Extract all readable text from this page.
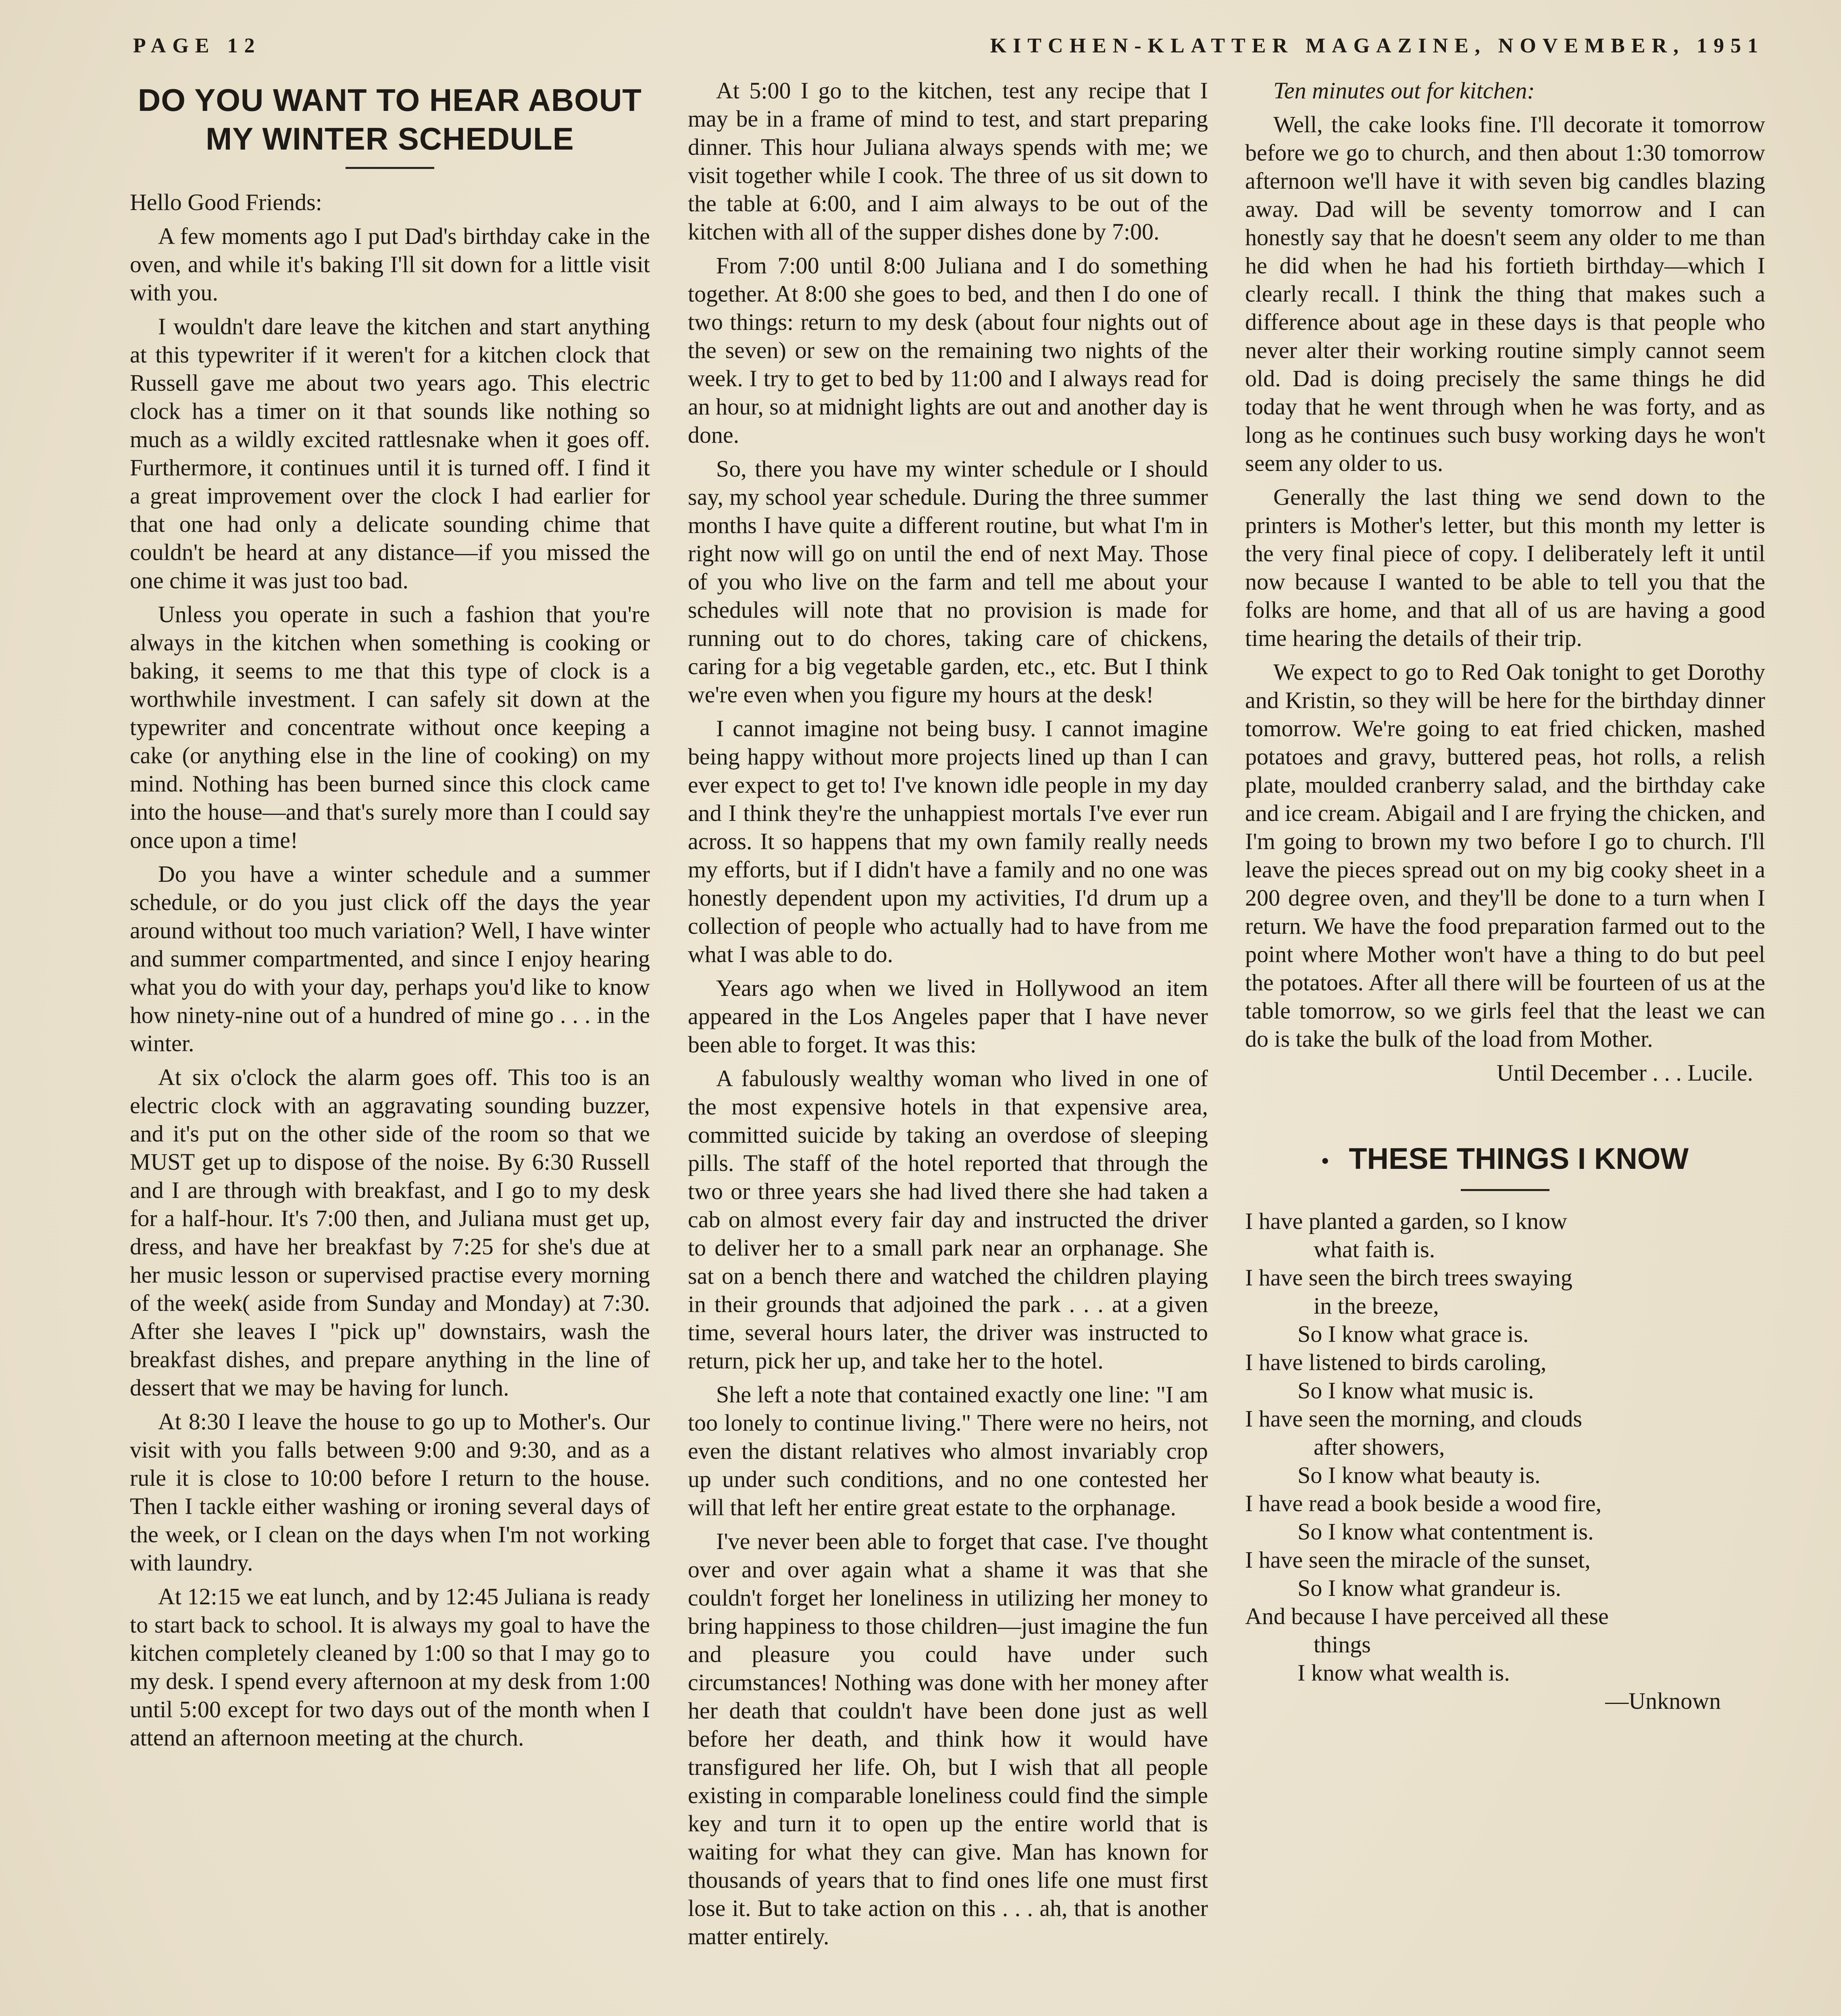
PAGE 12	KITCHEN-KLATTER MAGAZINE, NOVEMBER, 1951
DO YOU WANT TO HEAR ABOUT MY WINTER SCHEDULE

Hello Good Friends:

A few moments ago I put Dad's birthday cake in the oven, and while it's baking I'll sit down for a little visit with you.

I wouldn't dare leave the kitchen and start anything at this typewriter if it weren't for a kitchen clock that Russell gave me about two years ago. This electric clock has a timer on it that sounds like nothing so much as a wildly excited rattlesnake when it goes off. Furthermore, it continues until it is turned off. I find it a great improvement over the clock I had earlier for that one had only a delicate sounding chime that couldn't be heard at any distance—if you missed the one chime it was just too bad.

Unless you operate in such a fashion that you're always in the kitchen when something is cooking or baking, it seems to me that this type of clock is a worthwhile investment. I can safely sit down at the typewriter and concentrate without once keeping a cake (or anything else in the line of cooking) on my mind. Nothing has been burned since this clock came into the house—and that's surely more than I could say once upon a time!

Do you have a winter schedule and a summer schedule, or do you just click off the days the year around without too much variation? Well, I have winter and summer compartmented, and since I enjoy hearing what you do with your day, perhaps you'd like to know how ninety-nine out of a hundred of mine go . . . in the winter.

At six o'clock the alarm goes off. This too is an electric clock with an aggravating sounding buzzer, and it's put on the other side of the room so that we MUST get up to dispose of the noise. By 6:30 Russell and I are through with breakfast, and I go to my desk for a half-hour. It's 7:00 then, and Juliana must get up, dress, and have her breakfast by 7:25 for she's due at her music lesson or supervised practise every morning of the week( aside from Sunday and Monday) at 7:30. After she leaves I "pick up" downstairs, wash the breakfast dishes, and prepare anything in the line of dessert that we may be having for lunch.

At 8:30 I leave the house to go up to Mother's. Our visit with you falls between 9:00 and 9:30, and as a rule it is close to 10:00 before I return to the house. Then I tackle either washing or ironing several days of the week, or I clean on the days when I'm not working with laundry.

At 12:15 we eat lunch, and by 12:45 Juliana is ready to start back to school. It is always my goal to have the kitchen completely cleaned by 1:00 so that I may go to my desk. I spend every afternoon at my desk from 1:00 until 5:00 except for two days out of the month when I attend an afternoon meeting at the church.

At 5:00 I go to the kitchen, test any recipe that I may be in a frame of mind to test, and start preparing dinner. This hour Juliana always spends with me; we visit together while I cook. The three of us sit down to the table at 6:00, and I aim always to be out of the kitchen with all of the supper dishes done by 7:00.

From 7:00 until 8:00 Juliana and I do something together. At 8:00 she goes to bed, and then I do one of two things: return to my desk (about four nights out of the seven) or sew on the remaining two nights of the week. I try to get to bed by 11:00 and I always read for an hour, so at midnight lights are out and another day is done.

So, there you have my winter schedule or I should say, my school year schedule. During the three summer months I have quite a different routine, but what I'm in right now will go on until the end of next May. Those of you who live on the farm and tell me about your schedules will note that no provision is made for running out to do chores, taking care of chickens, caring for a big vegetable garden, etc., etc. But I think we're even when you figure my hours at the desk!

I cannot imagine not being busy. I cannot imagine being happy without more projects lined up than I can ever expect to get to! I've known idle people in my day and I think they're the unhappiest mortals I've ever run across. It so happens that my own family really needs my efforts, but if I didn't have a family and no one was honestly dependent upon my activities, I'd drum up a collection of people who actually had to have from me what I was able to do.

Years ago when we lived in Hollywood an item appeared in the Los Angeles paper that I have never been able to forget. It was this:

A fabulously wealthy woman who lived in one of the most expensive hotels in that expensive area, committed suicide by taking an overdose of sleeping pills. The staff of the hotel reported that through the two or three years she had lived there she had taken a cab on almost every fair day and instructed the driver to deliver her to a small park near an orphanage. She sat on a bench there and watched the children playing in their grounds that adjoined the park . . . at a given time, several hours later, the driver was instructed to return, pick her up, and take her to the hotel.

She left a note that contained exactly one line: "I am too lonely to continue living." There were no heirs, not even the distant relatives who almost invariably crop up under such conditions, and no one contested her will that left her entire great estate to the orphanage.

I've never been able to forget that case. I've thought over and over again what a shame it was that she couldn't forget her loneliness in utilizing her money to bring happiness to those children—just imagine the fun and pleasure you could have under such circumstances! Nothing was done with her money after her death that couldn't have been done just as well before her death, and think how it would have transfigured her life. Oh, but I wish that all people existing in comparable loneliness could find the simple key and turn it to open up the entire world that is waiting for what they can give. Man has known for thousands of years that to find ones life one must first lose it. But to take action on this . . . ah, that is another matter entirely.

Ten minutes out for kitchen:

Well, the cake looks fine. I'll decorate it tomorrow before we go to church, and then about 1:30 tomorrow afternoon we'll have it with seven big candles blazing away. Dad will be seventy tomorrow and I can honestly say that he doesn't seem any older to me than he did when he had his fortieth birthday—which I clearly recall. I think the thing that makes such a difference about age in these days is that people who never alter their working routine simply cannot seem old. Dad is doing precisely the same things he did today that he went through when he was forty, and as long as he continues such busy working days he won't seem any older to us.

Generally the last thing we send down to the printers is Mother's letter, but this month my letter is the very final piece of copy. I deliberately left it until now because I wanted to be able to tell you that the folks are home, and that all of us are having a good time hearing the details of their trip.

We expect to go to Red Oak tonight to get Dorothy and Kristin, so they will be here for the birthday dinner tomorrow. We're going to eat fried chicken, mashed potatoes and gravy, buttered peas, hot rolls, a relish plate, moulded cranberry salad, and the birthday cake and ice cream. Abigail and I are frying the chicken, and I'm going to brown my two before I go to church. I'll leave the pieces spread out on my big cooky sheet in a 200 degree oven, and they'll be done to a turn when I return. We have the food preparation farmed out to the point where Mother won't have a thing to do but peel the potatoes. After all there will be fourteen of us at the table tomorrow, so we girls feel that the least we can do is take the bulk of the load from Mother.

Until December . . . Lucile.

• THESE THINGS I KNOW
I have planted a garden, so I know
what faith is.
I have seen the birch trees swaying
in the breeze,
So I know what grace is.
I have listened to birds caroling,
So I know what music is.
I have seen the morning, and clouds
after showers,
So I know what beauty is.
I have read a book beside a wood fire,
So I know what contentment is.
I have seen the miracle of the sunset,
So I know what grandeur is.
And because I have perceived all these
things
I know what wealth is.
—Unknown
